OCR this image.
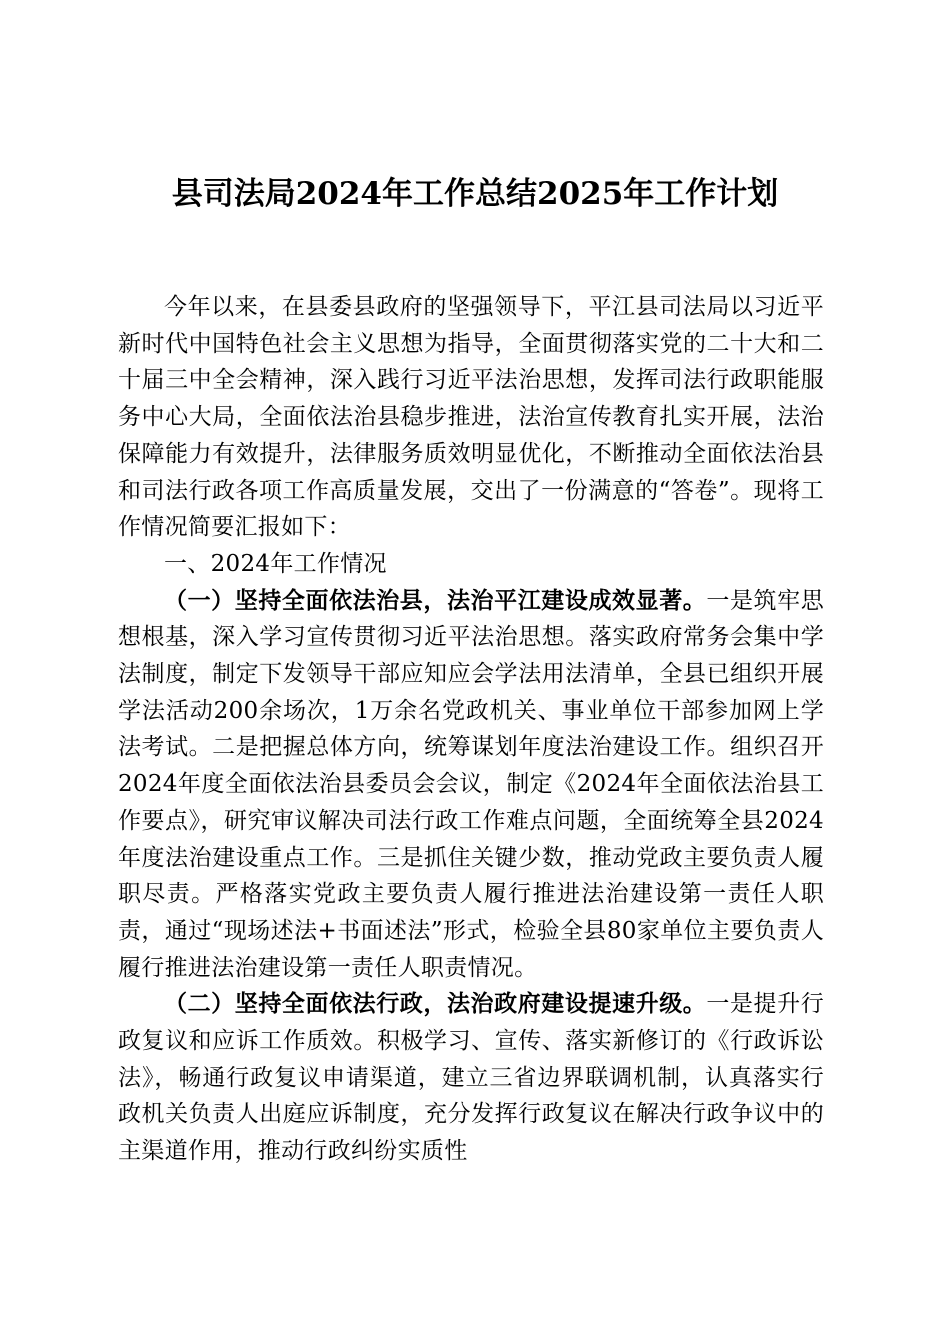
县司法局2024年工作总结2025年工作计划

今年以来，在县委县政府的坚强领导下，平江县司法局以习近平新时代中国特色社会主义思想为指导，全面贯彻落实党的二十大和二十届三中全会精神，深入践行习近平法治思想，发挥司法行政职能服务中心大局，全面依法治县稳步推进，法治宣传教育扎实开展，法治保障能力有效提升，法律服务质效明显优化，不断推动全面依法治县和司法行政各项工作高质量发展，交出了一份满意的“答卷”。现将工作情况简要汇报如下：

一、2024年工作情况

（一）坚持全面依法治县，法治平江建设成效显著。一是筑牢思想根基，深入学习宣传贯彻习近平法治思想。落实政府常务会集中学法制度，制定下发领导干部应知应会学法用法清单，全县已组织开展学法活动200余场次，1万余名党政机关、事业单位干部参加网上学法考试。二是把握总体方向，统筹谋划年度法治建设工作。组织召开2024年度全面依法治县委员会会议，制定《2024年全面依法治县工作要点》，研究审议解决司法行政工作难点问题，全面统筹全县2024年度法治建设重点工作。三是抓住关键少数，推动党政主要负责人履职尽责。严格落实党政主要负责人履行推进法治建设第一责任人职责，通过“现场述法+书面述法”形式，检验全县80家单位主要负责人履行推进法治建设第一责任人职责情况。

（二）坚持全面依法行政，法治政府建设提速升级。一是提升行政复议和应诉工作质效。积极学习、宣传、落实新修订的《行政诉讼法》，畅通行政复议申请渠道，建立三省边界联调机制，认真落实行政机关负责人出庭应诉制度，充分发挥行政复议在解决行政争议中的主渠道作用，推动行政纠纷实质性
